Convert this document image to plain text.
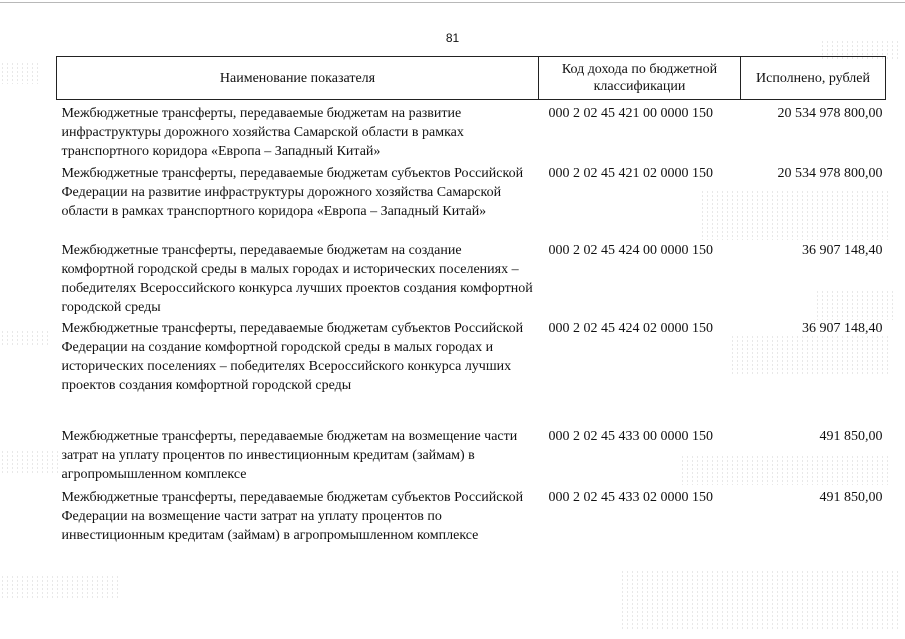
81
Наименование показателя	Код дохода по бюджетной классификации	Исполнено, рублей
Межбюджетные трансферты, передаваемые бюджетам на развитие инфраструктуры дорожного хозяйства Самарской области в рамках транспортного коридора «Европа – Западный Китай»	000 2 02 45 421 00 0000 150	20 534 978 800,00
Межбюджетные трансферты, передаваемые бюджетам субъектов Российской Федерации на развитие инфраструктуры дорожного хозяйства Самарской области в рамках транспортного коридора «Европа – Западный Китай»	000 2 02 45 421 02 0000 150	20 534 978 800,00
Межбюджетные трансферты, передаваемые бюджетам на создание комфортной городской среды в малых городах и исторических поселениях – победителях Всероссийского конкурса лучших проектов создания комфортной городской среды	000 2 02 45 424 00 0000 150	36 907 148,40
Межбюджетные трансферты, передаваемые бюджетам субъектов Российской Федерации на создание комфортной городской среды в малых городах и исторических поселениях – победителях Всероссийского конкурса лучших проектов создания комфортной городской среды	000 2 02 45 424 02 0000 150	36 907 148,40
Межбюджетные трансферты, передаваемые бюджетам на возмещение части затрат на уплату процентов по инвестиционным кредитам (займам) в агропромышленном комплексе	000 2 02 45 433 00 0000 150	491 850,00
Межбюджетные трансферты, передаваемые бюджетам субъектов Российской Федерации на возмещение части затрат на уплату процентов по инвестиционным кредитам (займам) в агропромышленном комплексе	000 2 02 45 433 02 0000 150	491 850,00
